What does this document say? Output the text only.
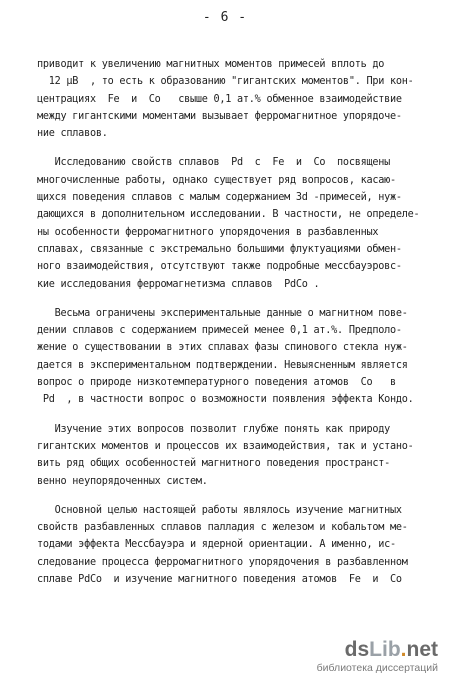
- 6 -

приводит к увеличению магнитных моментов примесей вплоть до

12 μB  , то есть к образованию "гигантских моментов". При кон-

центрациях  Fe  и  Co   свыше 0,1 ат.% обменное взаимодействие

между гигантскими моментами вызывает ферромагнитное упорядоче-

ние сплавов.

Исследованию свойств сплавов  Pd  с  Fe  и  Co  посвящены

многочисленные работы, однако существует ряд вопросов, касаю-

щихся поведения сплавов с малым содержанием 3d -примесей, нуж-

дающихся в дополнительном исследовании. В частности, не определе-

ны особенности ферромагнитного упорядочения в разбавленных

сплавах, связанные с экстремально большими флуктуациями обмен-

ного взаимодействия, отсутствуют также подробные мессбауэровс-

кие исследования ферромагнетизма сплавов  PdCo .

Весьма ограничены экспериментальные данные о магнитном пове-

дении сплавов с содержанием примесей менее 0,1 ат.%. Предполо-

жение о существовании в этих сплавах фазы спинового стекла нуж-

дается в экспериментальном подтверждении. Невыясненным является

вопрос о природе низкотемпературного поведения атомов  Co   в

Pd  , в частности вопрос о возможности появления эффекта Кондо.

Изучение этих вопросов позволит глубже понять как природу

гигантских моментов и процессов их взаимодействия, так и устано-

вить ряд общих особенностей магнитного поведения пространст-

венно неупорядоченных систем.

Основной целью настоящей работы являлось изучение магнитных

свойств разбавленных сплавов палладия с железом и кобальтом ме-

тодами эффекта Мессбауэра и ядерной ориентации. А именно, ис-

следование процесса ферромагнитного упорядочения в разбавленном

сплаве PdCo  и изучение магнитного поведения атомов  Fe  и  Co

dsLib.net
библиотека диссертаций
